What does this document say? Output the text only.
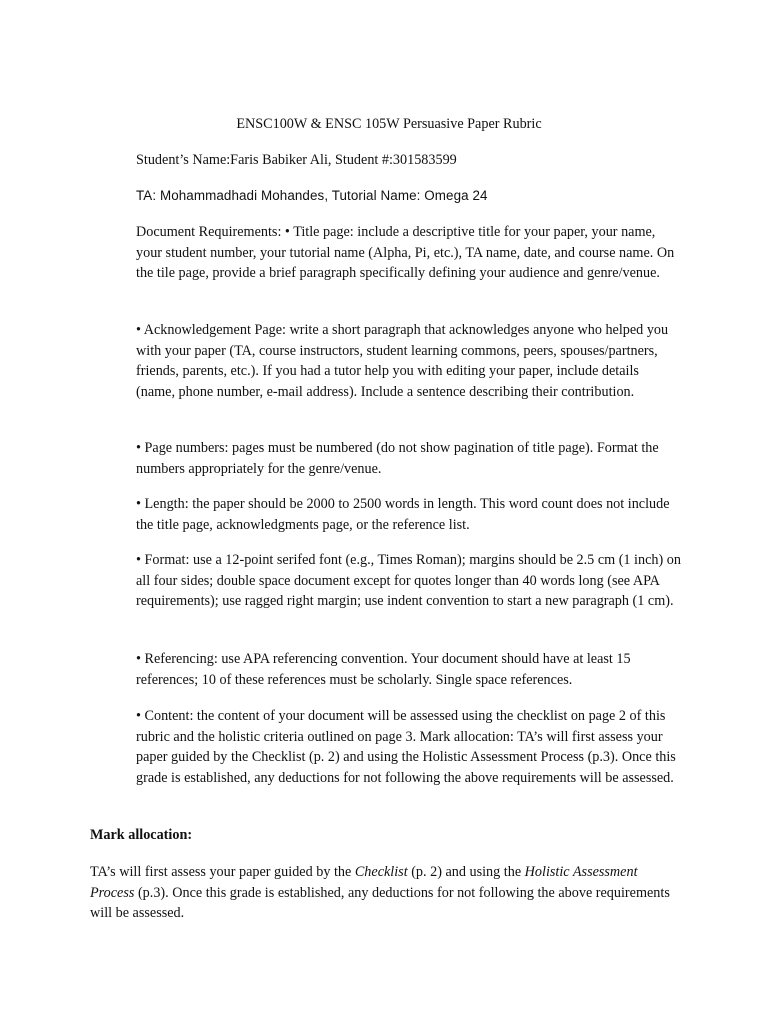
ENSC100W & ENSC 105W Persuasive Paper Rubric

Student’s Name:Faris Babiker Ali, Student #:301583599

TA: Mohammadhadi Mohandes, Tutorial Name: Omega 24

Document Requirements: • Title page: include a descriptive title for your paper, your name, your student number, your tutorial name (Alpha, Pi, etc.), TA name, date, and course name. On the tile page, provide a brief paragraph specifically defining your audience and genre/venue.

• Acknowledgement Page: write a short paragraph that acknowledges anyone who helped you with your paper (TA, course instructors, student learning commons, peers, spouses/partners, friends, parents, etc.). If you had a tutor help you with editing your paper, include details (name, phone number, e-mail address). Include a sentence describing their contribution.

• Page numbers: pages must be numbered (do not show pagination of title page). Format the numbers appropriately for the genre/venue.

• Length: the paper should be 2000 to 2500 words in length. This word count does not include the title page, acknowledgments page, or the reference list.

• Format: use a 12-point serifed font (e.g., Times Roman); margins should be 2.5 cm (1 inch) on all four sides; double space document except for quotes longer than 40 words long (see APA requirements); use ragged right margin; use indent convention to start a new paragraph (1 cm).

• Referencing: use APA referencing convention. Your document should have at least 15 references; 10 of these references must be scholarly. Single space references.

• Content: the content of your document will be assessed using the checklist on page 2 of this rubric and the holistic criteria outlined on page 3. Mark allocation: TA’s will first assess your paper guided by the Checklist (p. 2) and using the Holistic Assessment Process (p.3). Once this grade is established, any deductions for not following the above requirements will be assessed.

Mark allocation:

TA’s will first assess your paper guided by the Checklist (p. 2) and using the Holistic Assessment Process (p.3). Once this grade is established, any deductions for not following the above requirements will be assessed.
